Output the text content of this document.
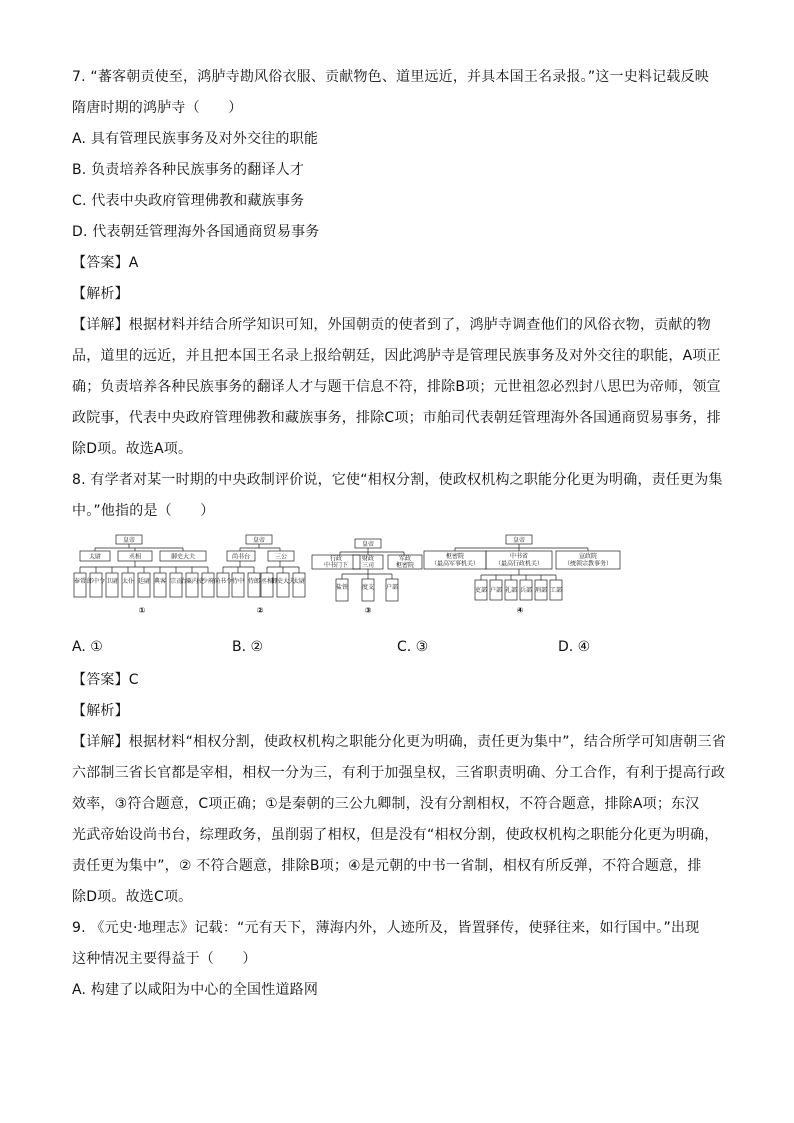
7. “蕃客朝贡使至，鸿胪寺勘风俗衣服、贡献物色、道里远近，并具本国王名录报。”这一史料记载反映
隋唐时期的鸿胪寺（　　）
A. 具有管理民族事务及对外交往的职能
B. 负责培养各种民族事务的翻译人才
C. 代表中央政府管理佛教和藏族事务
D. 代表朝廷管理海外各国通商贸易事务
【答案】A
【解析】
【详解】根据材料并结合所学知识可知，外国朝贡的使者到了，鸿胪寺调查他们的风俗衣物，贡献的物
品，道里的远近，并且把本国王名录上报给朝廷，因此鸿胪寺是管理民族事务及对外交往的职能，A项正
确；负责培养各种民族事务的翻译人才与题干信息不符，排除B项；元世祖忽必烈封八思巴为帝师，领宣
政院事，代表中央政府管理佛教和藏族事务，排除C项；市舶司代表朝廷管理海外各国通商贸易事务，排
除D项。故选A项。
8. 有学者对某一时期的中央政制评价说，它使“相权分割，使政权机构之职能分化更为明确，责任更为集
中。”他指的是（　　）
皇帝
太尉	丞相	御史大夫
奉常 郎中令 卫尉 太仆 廷尉 典客 宗正
治粟内史
少府
①
皇帝
尚书台	三公
尚书令 侍中 侍郎 丞相
御史大夫
太尉
②
皇帝
行政
中书门下
财政
三司
军政
枢密院
盐铁 度支 户部
③
皇帝
枢密院
（最高军事机关）
中书省
（最高行政机关）
宣政院
（统领宗教事务）
吏部 户部 礼部 兵部 刑部 工部
④
A. ①	B. ②	C. ③	D. ④
【答案】C
【解析】
【详解】根据材料“相权分割，使政权机构之职能分化更为明确，责任更为集中”，结合所学可知唐朝三省
六部制三省长官都是宰相，相权一分为三，有利于加强皇权，三省职责明确、分工合作，有利于提高行政
效率，③符合题意，C项正确；①是秦朝的三公九卿制，没有分割相权，不符合题意，排除A项；东汉
光武帝始设尚书台，综理政务，虽削弱了相权，但是没有“相权分割，使政权机构之职能分化更为明确，
责任更为集中”，② 不符合题意，排除B项；④是元朝的中书一省制，相权有所反弹，不符合题意，排
除D项。故选C项。
9. 《元史·地理志》记载：“元有天下，薄海内外，人迹所及，皆置驿传，使驿往来，如行国中。”出现
这种情况主要得益于（　　）
A. 构建了以咸阳为中心的全国性道路网
